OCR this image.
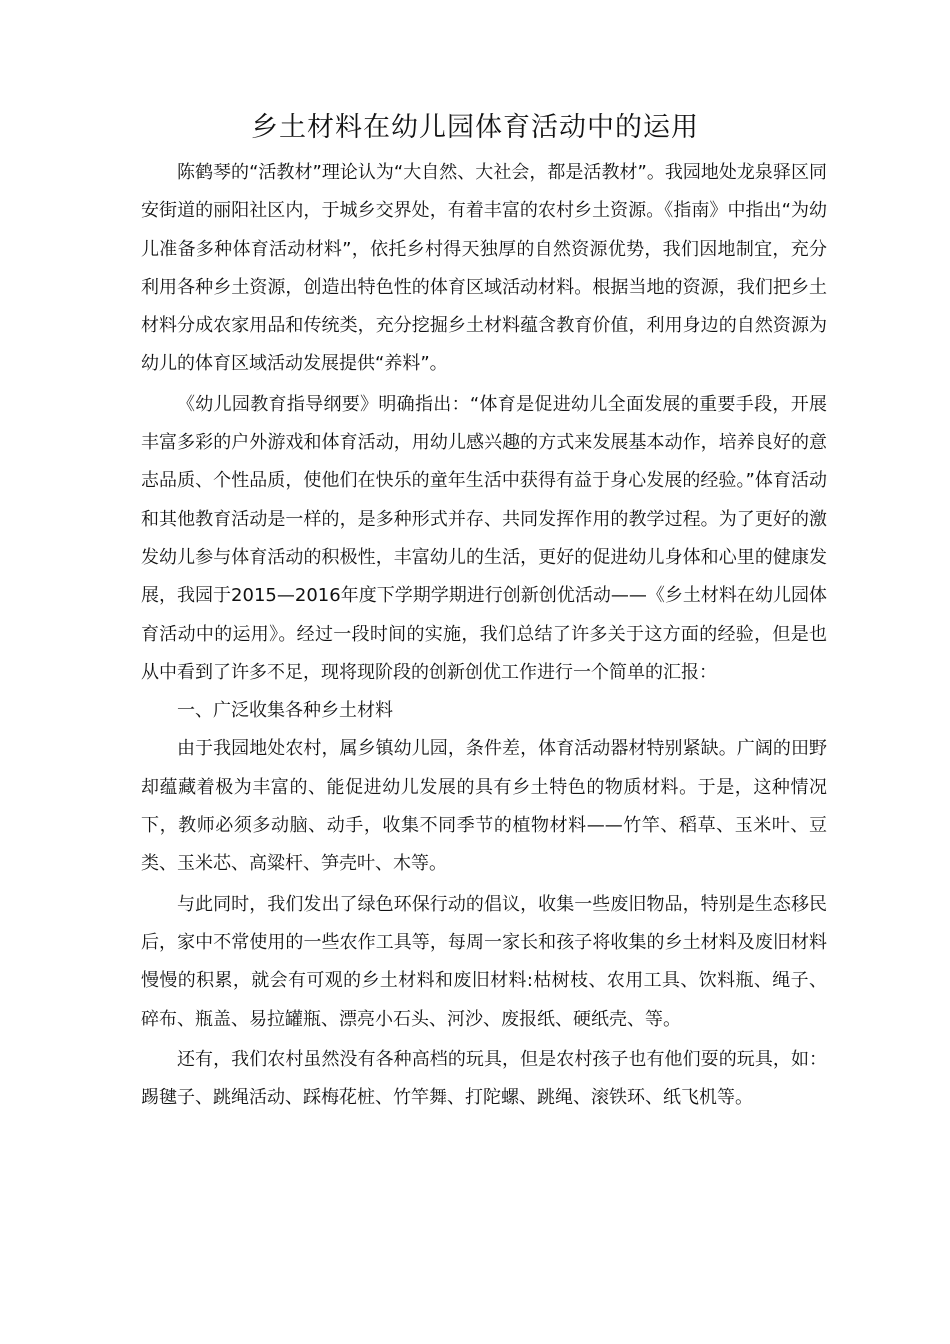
乡土材料在幼儿园体育活动中的运用

陈鹤琴的“活教材”理论认为“大自然、大社会，都是活教材”。我园地处龙泉驿区同安街道的丽阳社区内，于城乡交界处，有着丰富的农村乡土资源。《指南》中指出“为幼儿准备多种体育活动材料”，依托乡村得天独厚的自然资源优势，我们因地制宜，充分利用各种乡土资源，创造出特色性的体育区域活动材料。根据当地的资源，我们把乡土材料分成农家用品和传统类，充分挖掘乡土材料蕴含教育价值，利用身边的自然资源为幼儿的体育区域活动发展提供“养料”。

《幼儿园教育指导纲要》明确指出：“体育是促进幼儿全面发展的重要手段，开展丰富多彩的户外游戏和体育活动，用幼儿感兴趣的方式来发展基本动作，培养良好的意志品质、个性品质，使他们在快乐的童年生活中获得有益于身心发展的经验。”体育活动和其他教育活动是一样的，是多种形式并存、共同发挥作用的教学过程。为了更好的激发幼儿参与体育活动的积极性，丰富幼儿的生活，更好的促进幼儿身体和心里的健康发展，我园于2015—2016年度下学期学期进行创新创优活动——《乡土材料在幼儿园体育活动中的运用》。经过一段时间的实施，我们总结了许多关于这方面的经验，但是也从中看到了许多不足，现将现阶段的创新创优工作进行一个简单的汇报：

一、广泛收集各种乡土材料

由于我园地处农村，属乡镇幼儿园，条件差，体育活动器材特别紧缺。广阔的田野却蕴藏着极为丰富的、能促进幼儿发展的具有乡土特色的物质材料。于是，这种情况下，教师必须多动脑、动手，收集不同季节的植物材料——竹竿、稻草、玉米叶、豆类、玉米芯、高粱杆、笋壳叶、木等。

与此同时，我们发出了绿色环保行动的倡议，收集一些废旧物品，特别是生态移民后，家中不常使用的一些农作工具等，每周一家长和孩子将收集的乡土材料及废旧材料慢慢的积累，就会有可观的乡土材料和废旧材料:枯树枝、农用工具、饮料瓶、绳子、碎布、瓶盖、易拉罐瓶、漂亮小石头、河沙、废报纸、硬纸壳、等。

还有，我们农村虽然没有各种高档的玩具，但是农村孩子也有他们耍的玩具，如：踢毽子、跳绳活动、踩梅花桩、竹竿舞、打陀螺、跳绳、滚铁环、纸飞机等。
